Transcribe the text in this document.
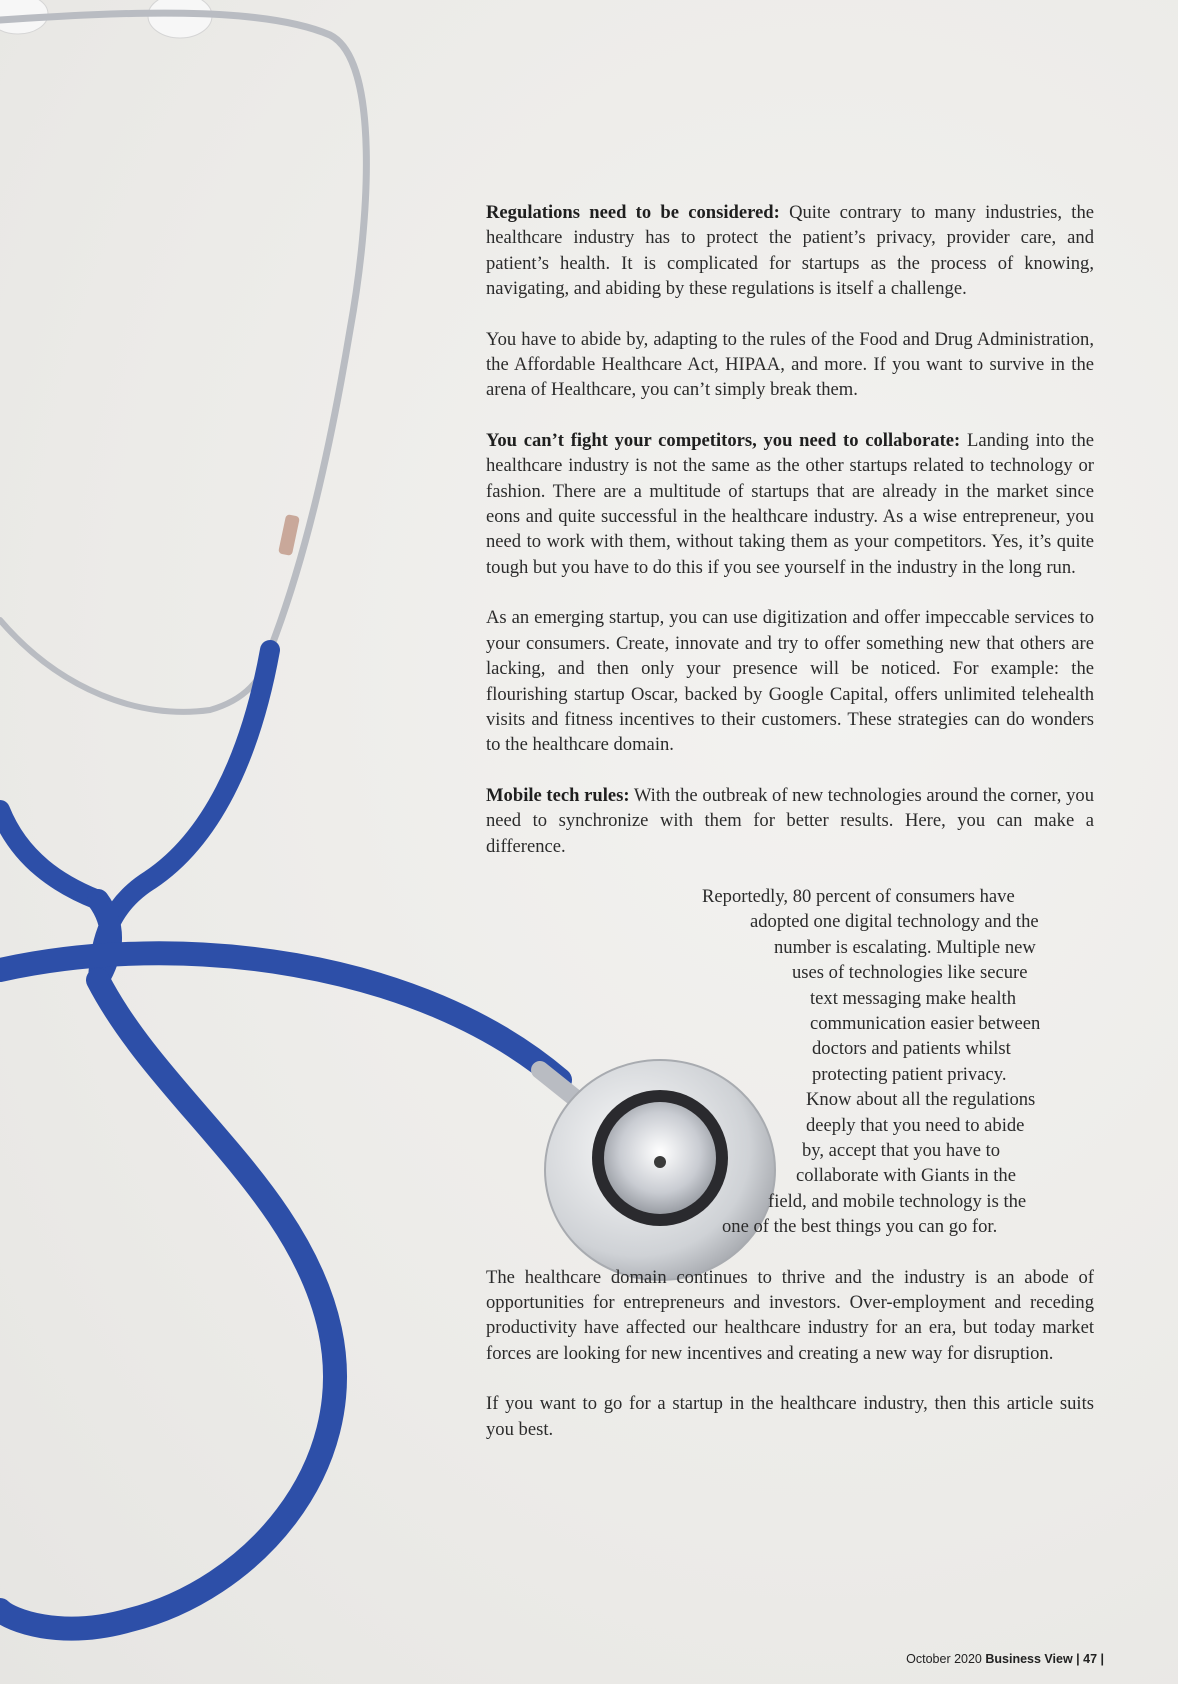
Regulations need to be considered: Quite contrary to many industries, the healthcare industry has to protect the patient’s privacy, provider care, and patient’s health. It is complicated for startups as the process of knowing, navigating, and abiding by these regulations is itself a challenge.

You have to abide by, adapting to the rules of the Food and Drug Administration, the Affordable Healthcare Act, HIPAA, and more. If you want to survive in the arena of Healthcare, you can’t simply break them.

You can’t fight your competitors, you need to collaborate: Landing into the healthcare industry is not the same as the other startups related to technology or fashion. There are a multitude of startups that are already in the market since eons and quite successful in the healthcare industry. As a wise entrepreneur, you need to work with them, without taking them as your competitors. Yes, it’s quite tough but you have to do this if you see yourself in the industry in the long run.

As an emerging startup, you can use digitization and offer impeccable services to your consumers. Create, innovate and try to offer something new that others are lacking, and then only your presence will be noticed. For example: the flourishing startup Oscar, backed by Google Capital, offers unlimited telehealth visits and fitness incentives to their customers. These strategies can do wonders to the healthcare domain.

Mobile tech rules: With the outbreak of new technologies around the corner, you need to synchronize with them for better results. Here, you can make a difference.

Reportedly, 80 percent of consumers have
adopted one digital technology and the
number is escalating. Multiple new
uses of technologies like secure
text messaging make health
communication easier between
doctors and patients whilst
protecting patient privacy.
Know about all the regulations
deeply that you need to abide
by, accept that you have to
collaborate with Giants in the
field, and mobile technology is the
one of the best things you can go for.

The healthcare domain continues to thrive and the industry is an abode of opportunities for entrepreneurs and investors. Over-employment and receding productivity have affected our healthcare industry for an era, but today market forces are looking for new incentives and creating a new way for disruption.

If you want to go for a startup in the healthcare industry, then this article suits you best.

October 2020 Business View | 47 |
